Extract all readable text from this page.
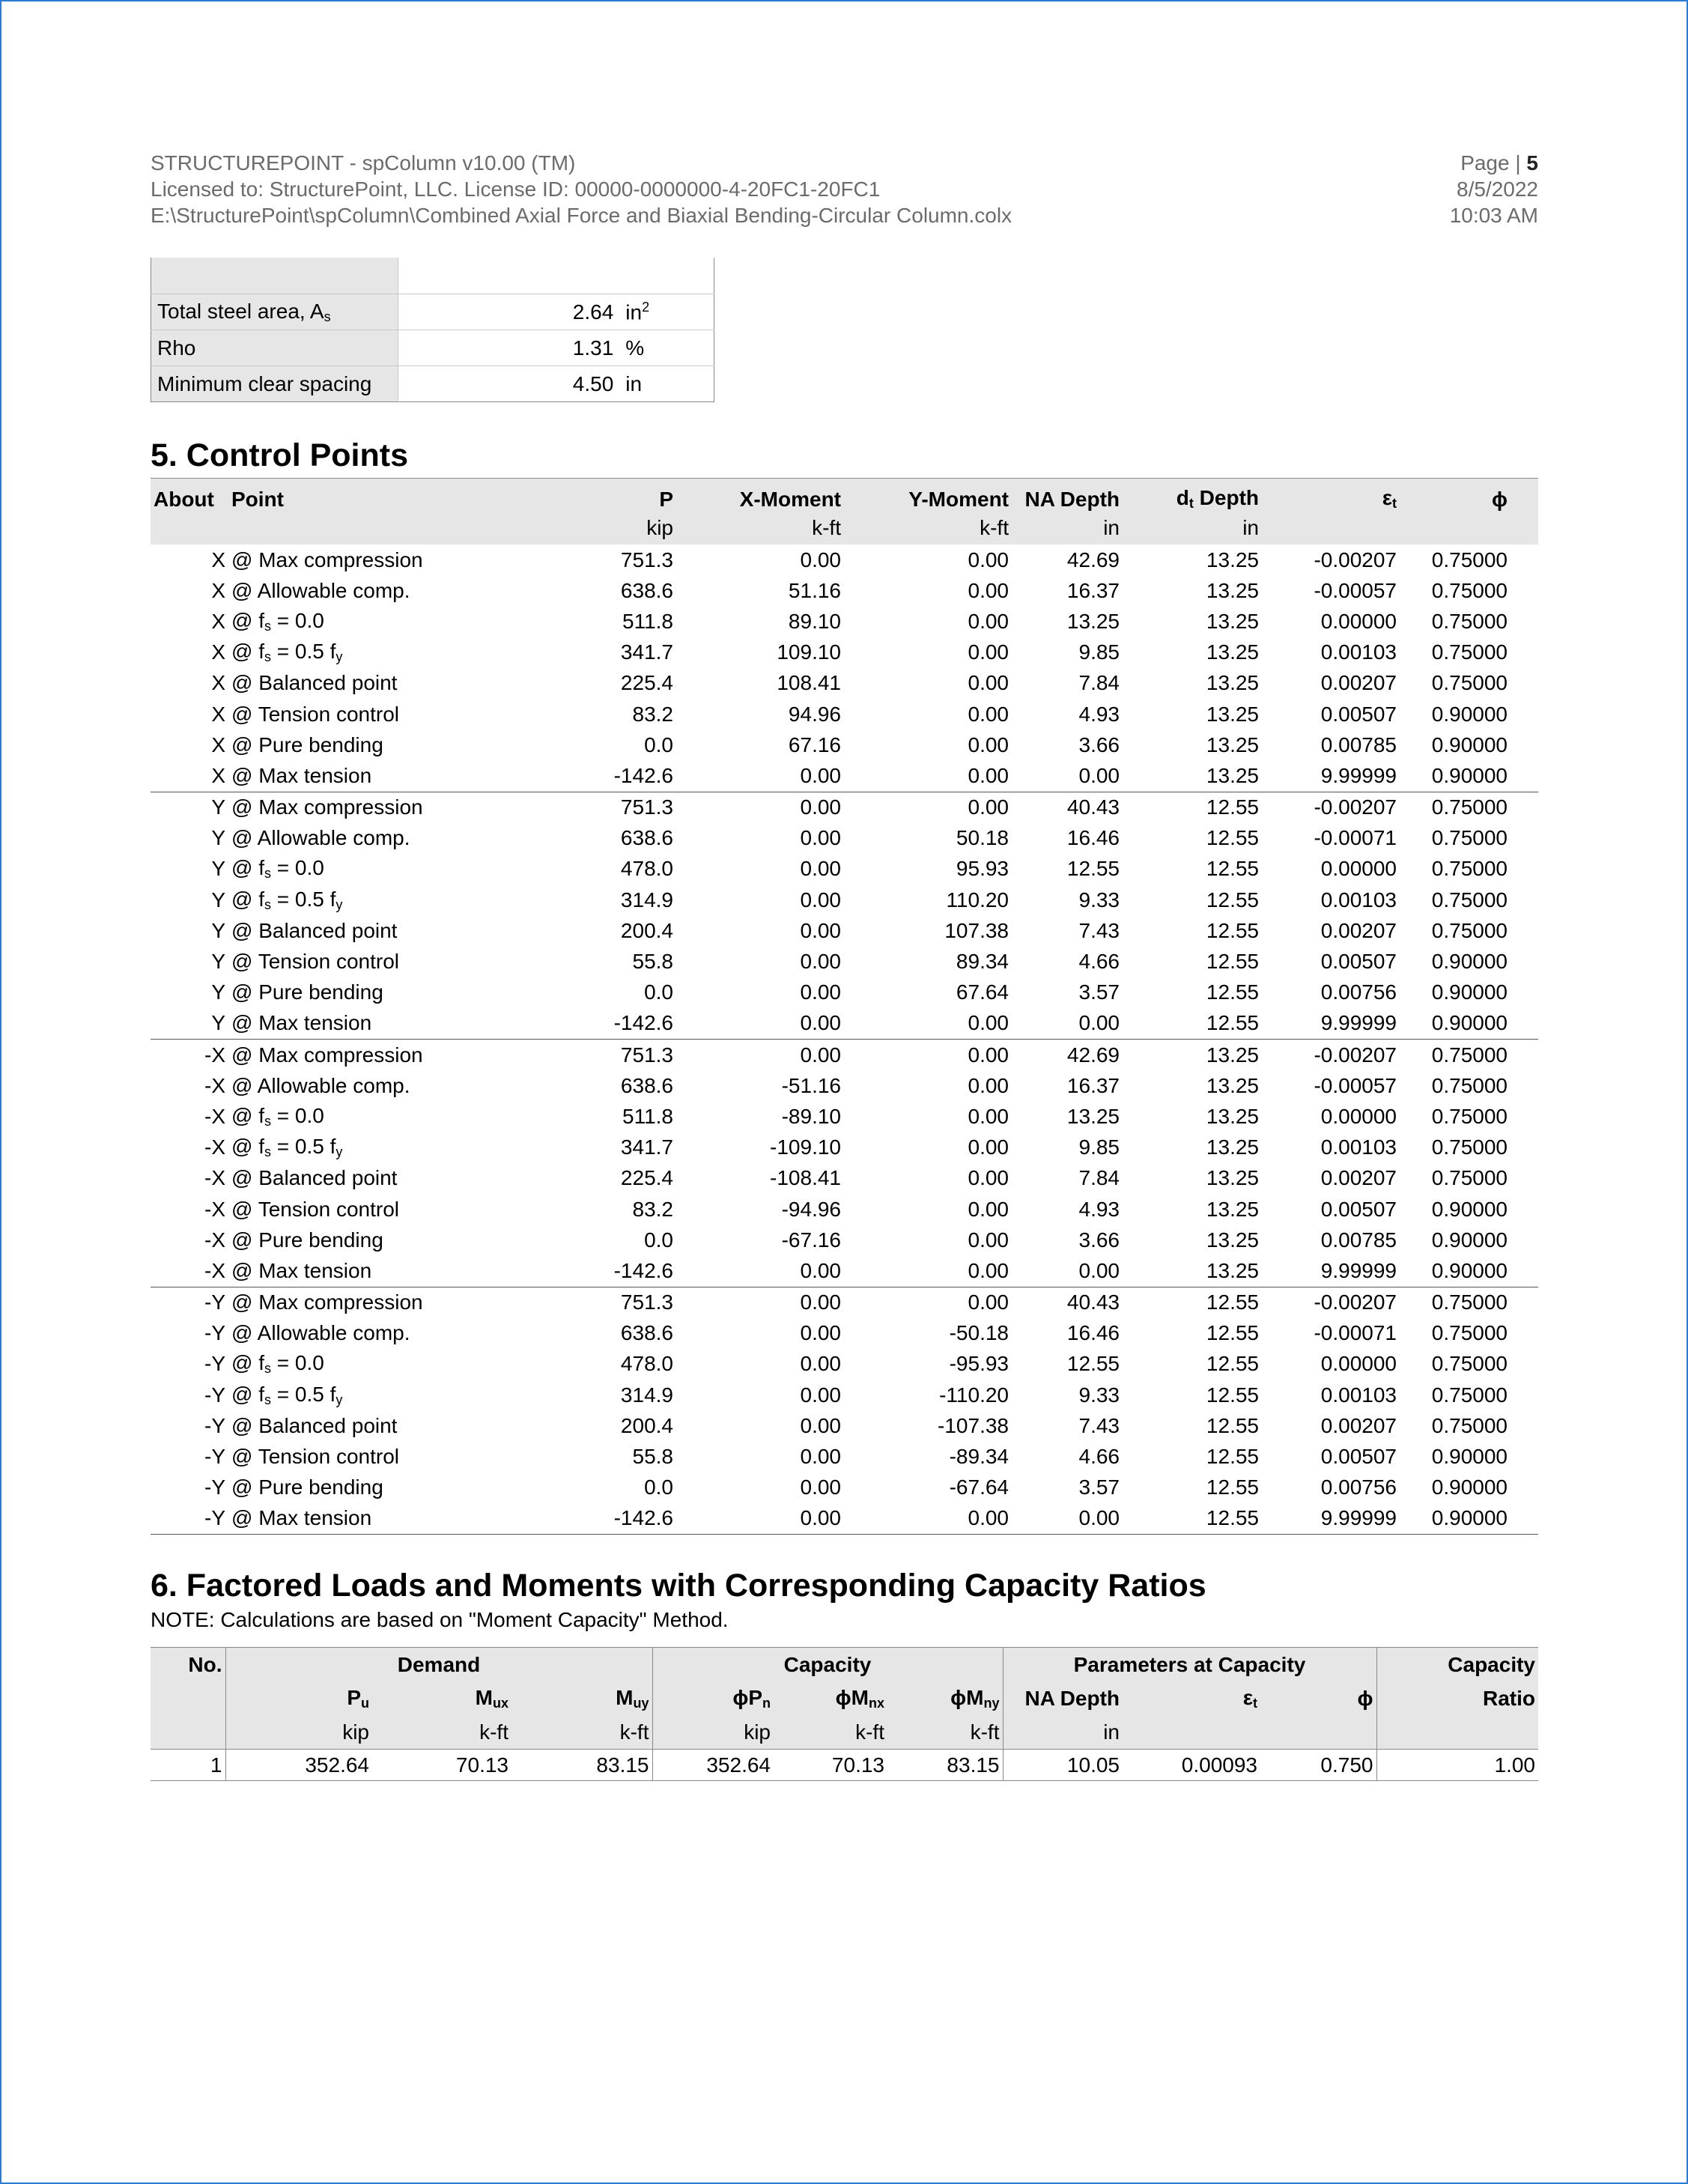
STRUCTUREPOINT - spColumn v10.00 (TM)
Licensed to: StructurePoint, LLC. License ID: 00000-0000000-4-20FC1-20FC1
E:\StructurePoint\spColumn\Combined Axial Force and Biaxial Bending-Circular Column.colx
Page | 5
8/5/2022
10:03 AM

Total steel area, $A_s$	2.64	$in^2$
Rho	1.31	%
Minimum clear spacing	4.50	in
5. Control Points
About	Point	P	X-Moment	Y-Moment	NA Depth	$d_t$ Depth	$\varepsilon_t$	ϕ	
		kip	k-ft	k-ft	in	in			
X	@ Max compression	751.3	0.00	0.00	42.69	13.25	-0.00207	0.75000	
X	@ Allowable comp.	638.6	51.16	0.00	16.37	13.25	-0.00057	0.75000	
X	@ $f_s = 0.0$	511.8	89.10	0.00	13.25	13.25	0.00000	0.75000	
X	@ $f_s = 0.5$ $f_y$	341.7	109.10	0.00	9.85	13.25	0.00103	0.75000	
X	@ Balanced point	225.4	108.41	0.00	7.84	13.25	0.00207	0.75000	
X	@ Tension control	83.2	94.96	0.00	4.93	13.25	0.00507	0.90000	
X	@ Pure bending	0.0	67.16	0.00	3.66	13.25	0.00785	0.90000	
X	@ Max tension	-142.6	0.00	0.00	0.00	13.25	9.99999	0.90000	
Y	@ Max compression	751.3	0.00	0.00	40.43	12.55	-0.00207	0.75000	
Y	@ Allowable comp.	638.6	0.00	50.18	16.46	12.55	-0.00071	0.75000	
Y	@ $f_s = 0.0$	478.0	0.00	95.93	12.55	12.55	0.00000	0.75000	
Y	@ $f_s = 0.5$ $f_y$	314.9	0.00	110.20	9.33	12.55	0.00103	0.75000	
Y	@ Balanced point	200.4	0.00	107.38	7.43	12.55	0.00207	0.75000	
Y	@ Tension control	55.8	0.00	89.34	4.66	12.55	0.00507	0.90000	
Y	@ Pure bending	0.0	0.00	67.64	3.57	12.55	0.00756	0.90000	
Y	@ Max tension	-142.6	0.00	0.00	0.00	12.55	9.99999	0.90000	
-X	@ Max compression	751.3	0.00	0.00	42.69	13.25	-0.00207	0.75000	
-X	@ Allowable comp.	638.6	-51.16	0.00	16.37	13.25	-0.00057	0.75000	
-X	@ $f_s = 0.0$	511.8	-89.10	0.00	13.25	13.25	0.00000	0.75000	
-X	@ $f_s = 0.5$ $f_y$	341.7	-109.10	0.00	9.85	13.25	0.00103	0.75000	
-X	@ Balanced point	225.4	-108.41	0.00	7.84	13.25	0.00207	0.75000	
-X	@ Tension control	83.2	-94.96	0.00	4.93	13.25	0.00507	0.90000	
-X	@ Pure bending	0.0	-67.16	0.00	3.66	13.25	0.00785	0.90000	
-X	@ Max tension	-142.6	0.00	0.00	0.00	13.25	9.99999	0.90000	
-Y	@ Max compression	751.3	0.00	0.00	40.43	12.55	-0.00207	0.75000	
-Y	@ Allowable comp.	638.6	0.00	-50.18	16.46	12.55	-0.00071	0.75000	
-Y	@ $f_s = 0.0$	478.0	0.00	-95.93	12.55	12.55	0.00000	0.75000	
-Y	@ $f_s = 0.5$ $f_y$	314.9	0.00	-110.20	9.33	12.55	0.00103	0.75000	
-Y	@ Balanced point	200.4	0.00	-107.38	7.43	12.55	0.00207	0.75000	
-Y	@ Tension control	55.8	0.00	-89.34	4.66	12.55	0.00507	0.90000	
-Y	@ Pure bending	0.0	0.00	-67.64	3.57	12.55	0.00756	0.90000	
-Y	@ Max tension	-142.6	0.00	0.00	0.00	12.55	9.99999	0.90000	
6. Factored Loads and Moments with Corresponding Capacity Ratios
NOTE: Calculations are based on "Moment Capacity" Method.
No.	Demand			Capacity			Parameters at Capacity			Capacity
	$P_u$	$M_{ux}$	$M_{uy}$	$\phi P_n$	$\phi M_{nx}$	$\phi M_{ny}$	NA Depth	$\varepsilon_t$	ϕ	Ratio
	kip	k-ft	k-ft	kip	k-ft	k-ft	in			
1	352.64	70.13	83.15	352.64	70.13	83.15	10.05	0.00093	0.750	1.00
